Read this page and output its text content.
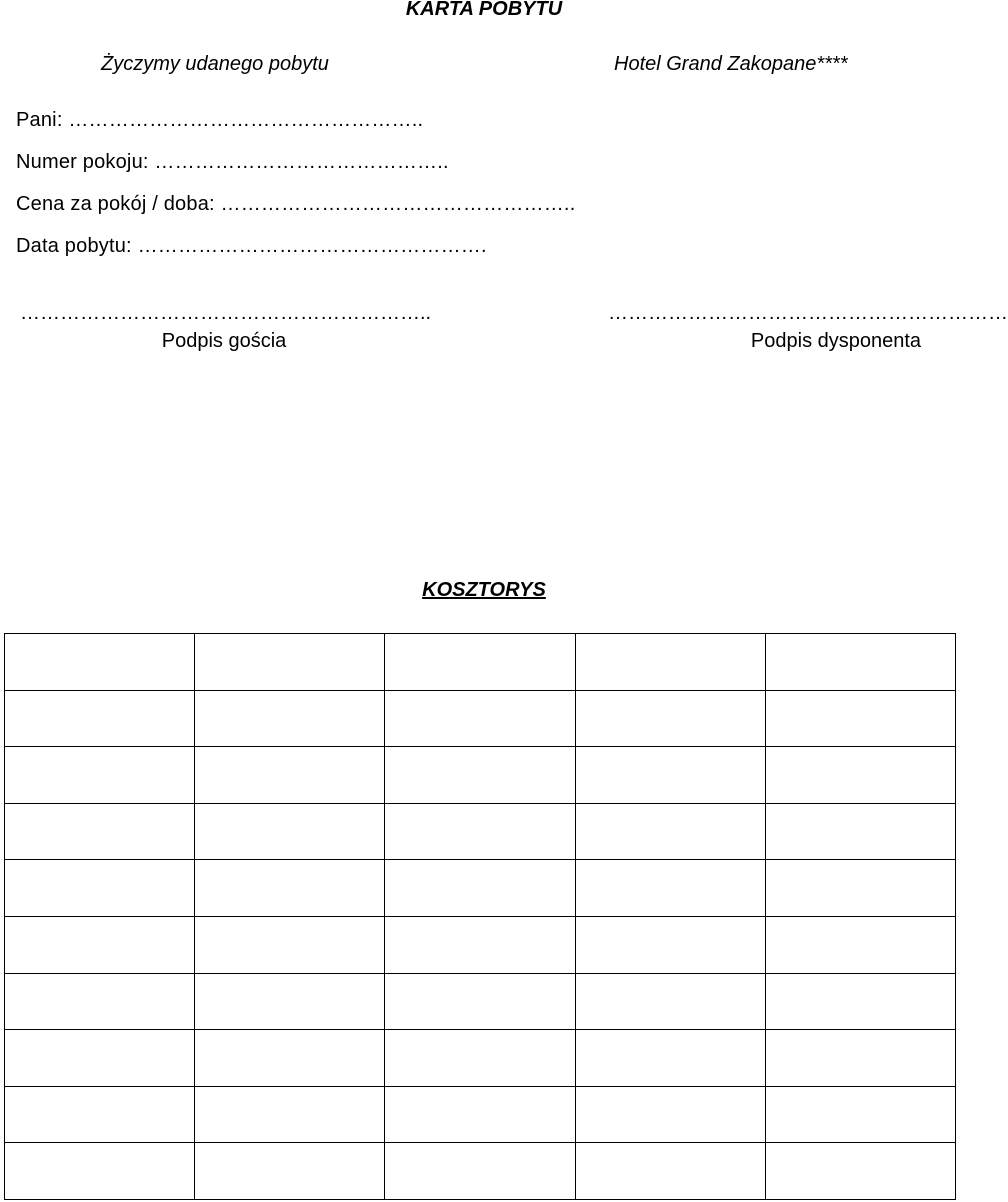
KARTA POBYTU
Życzymy udanego pobytu	Hotel Grand Zakopane****
Pani: ……………………………………………..
Numer pokoju: ……………………………………..
Cena za pokój / doba: ……………………………………………..
Data pobytu: …………………………………………….
……………………………………………………..	……………………………………………………
Podpis gościa	Podpis dysponenta
KOSZTORYS
